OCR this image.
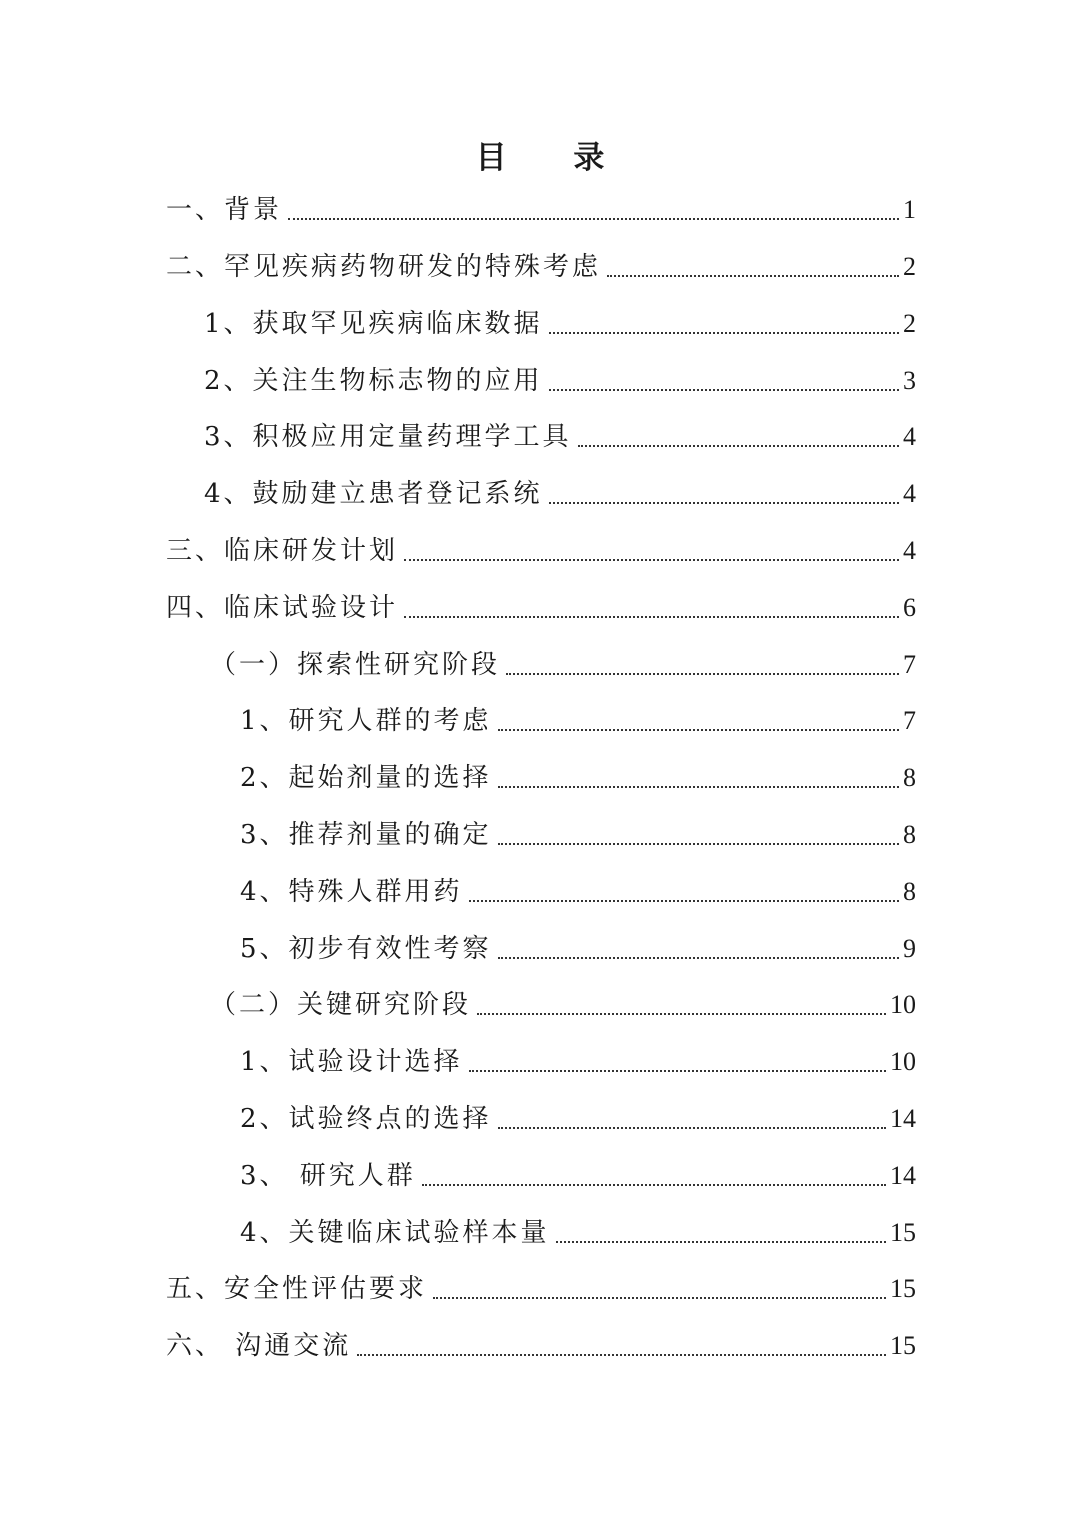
目 录
一、背景	1
二、罕见疾病药物研发的特殊考虑	2
1、获取罕见疾病临床数据	2
2、关注生物标志物的应用	3
3、积极应用定量药理学工具	4
4、鼓励建立患者登记系统	4
三、临床研发计划	4
四、临床试验设计	6
（一）探索性研究阶段	7
1、研究人群的考虑	7
2、起始剂量的选择	8
3、推荐剂量的确定	8
4、特殊人群用药	8
5、初步有效性考察	9
（二）关键研究阶段	10
1、试验设计选择	10
2、试验终点的选择	14
3、 研究人群	14
4、关键临床试验样本量	15
五、安全性评估要求	15
六、 沟通交流	15
